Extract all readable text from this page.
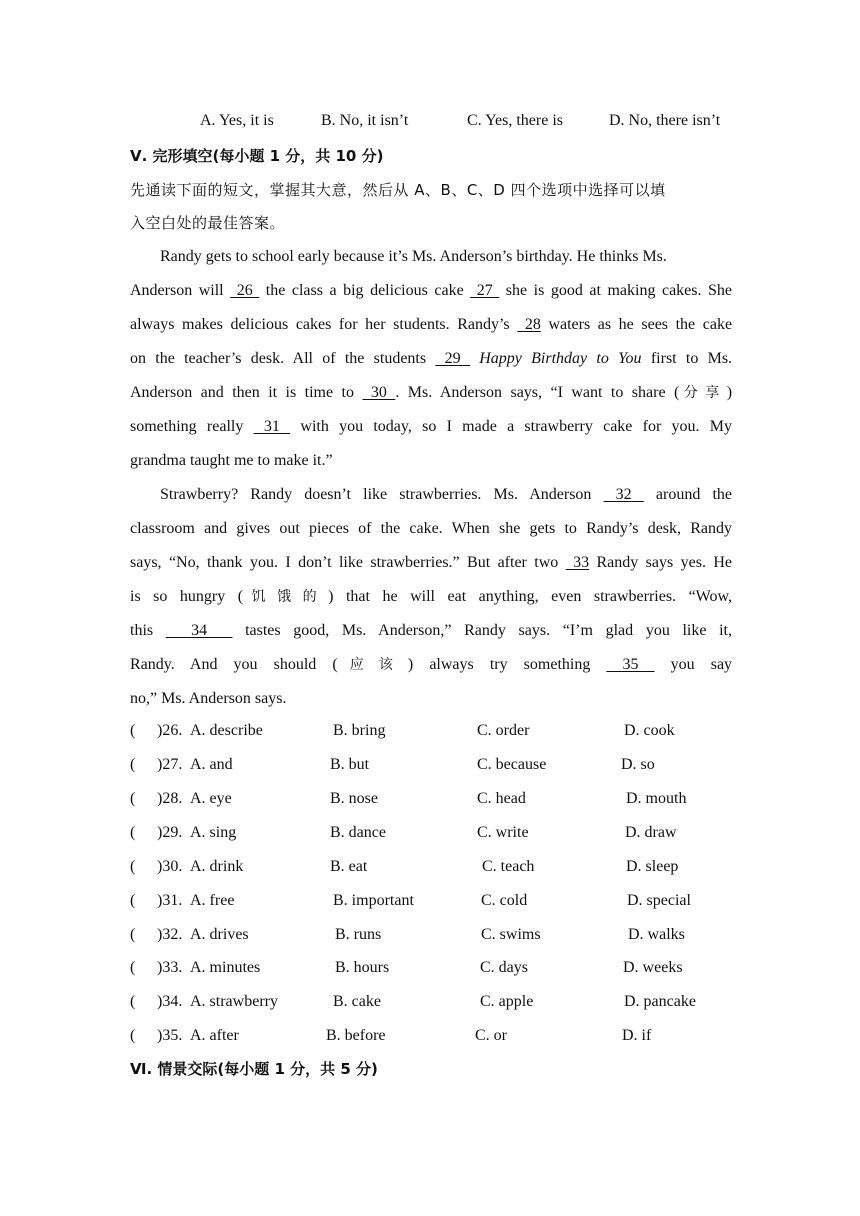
A. Yes, it is	B. No, it isn’t	C. Yes, there is	D. No, there isn’t
Ⅴ. 完形填空(每小题 1 分，共 10 分)
先通读下面的短文，掌握其大意，然后从 A、B、C、D 四个选项中选择可以填
入空白处的最佳答案。
Randy gets to school early because it’s Ms. Anderson’s birthday. He thinks Ms.
Anderson will  26  the class a big delicious cake  27  she is good at making cakes. She
always makes delicious cakes for her students. Randy’s  28 waters as he sees the cake
on the teacher’s desk. All of the students  29  Happy Birthday to You first to Ms.
Anderson and then it is time to  30 . Ms. Anderson says, “I want to share (分享)
something really  31  with you today, so I made a strawberry cake for you. My
grandma taught me to make it.”
Strawberry? Randy doesn’t like strawberries. Ms. Anderson  32  around the
classroom and gives out pieces of the cake. When she gets to Randy’s desk, Randy
says, “No, thank you. I don’t like strawberries.” But after two  33 Randy says yes. He
is so hungry (饥饿的) that he will eat anything, even strawberries. “Wow,
this   34   tastes good, Ms. Anderson,” Randy says. “I’m glad you like it,
Randy. And you should (应该) always try something  35  you say
no,” Ms. Anderson says.
( )26. A. describe	B. bring	C. order	D. cook
( )27. A. and	B. but	C. because	D. so
( )28. A. eye	B. nose	C. head	D. mouth
( )29. A. sing	B. dance	C. write	D. draw
( )30. A. drink	B. eat	C. teach	D. sleep
( )31. A. free	B. important	C. cold	D. special
( )32. A. drives	B. runs	C. swims	D. walks
( )33. A. minutes	B. hours	C. days	D. weeks
( )34. A. strawberry	B. cake	C. apple	D. pancake
( )35. A. after	B. before	C. or	D. if
Ⅵ. 情景交际(每小题 1 分，共 5 分)
